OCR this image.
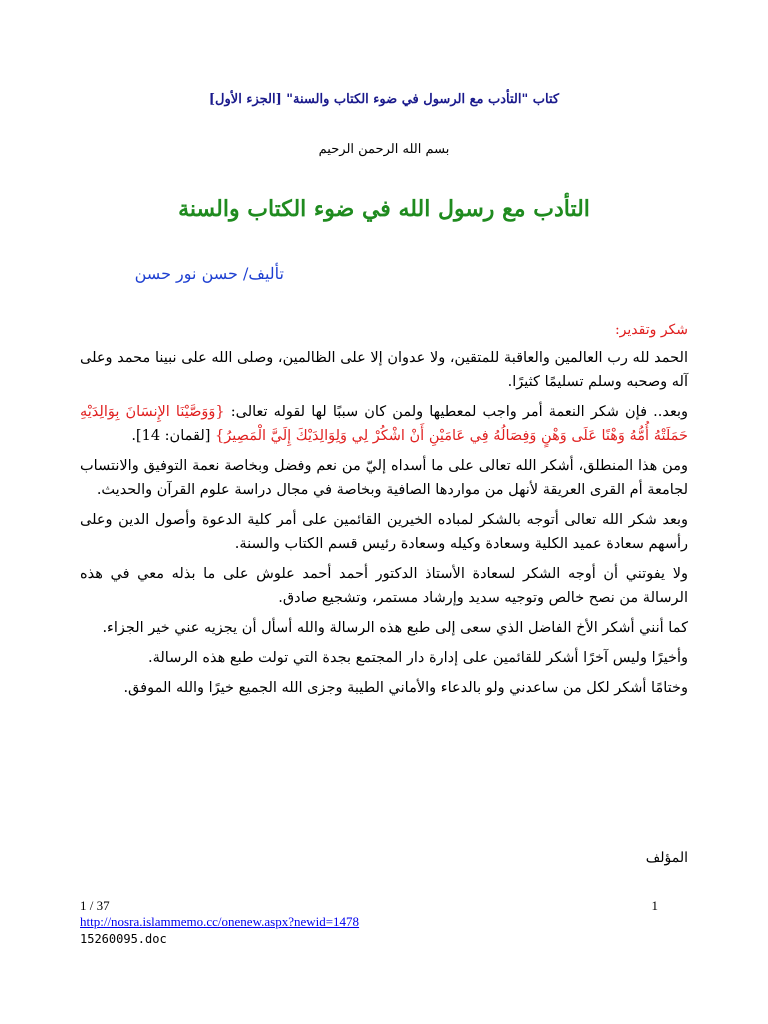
كتاب "التأدب مع الرسول في ضوء الكتاب والسنة" [الجزء الأول]
بسم الله الرحمن الرحيم
التأدب مع رسول الله في ضوء الكتاب والسنة
تأليف/ حسن نور حسن
شكر وتقدير:

الحمد لله رب العالمين والعاقبة للمتقين، ولا عدوان إلا على الظالمين، وصلى الله على نبينا محمد وعلى آله وصحبه وسلم تسليمًا كثيرًا.

وبعد.. فإن شكر النعمة أمر واجب لمعطيها ولمن كان سببًا لها لقوله تعالى: {وَوَصَّيْنَا الإِنسَانَ بِوَالِدَيْهِ حَمَلَتْهُ أُمُّهُ وَهْنًا عَلَى وَهْنٍ وَفِصَالُهُ فِي عَامَيْنِ أَنْ اشْكُرْ لِي وَلِوَالِدَيْكَ إِلَيَّ الْمَصِيرُ} [لقمان: 14].

ومن هذا المنطلق، أشكر الله تعالى على ما أسداه إليّ من نعم وفضل وبخاصة نعمة التوفيق والانتساب لجامعة أم القرى العريقة لأنهل من مواردها الصافية وبخاصة في مجال دراسة علوم القرآن والحديث.

وبعد شكر الله تعالى أتوجه بالشكر لمباده الخيرين القائمين على أمر كلية الدعوة وأصول الدين وعلى رأسهم سعادة عميد الكلية وسعادة وكيله وسعادة رئيس قسم الكتاب والسنة.

ولا يفوتني أن أوجه الشكر لسعادة الأستاذ الدكتور أحمد أحمد علوش على ما بذله معي في هذه الرسالة من نصح خالص وتوجيه سديد وإرشاد مستمر، وتشجيع صادق.

كما أنني أشكر الأخ الفاضل الذي سعى إلى طبع هذه الرسالة والله أسأل أن يجزيه عني خير الجزاء.

وأخيرًا وليس آخرًا أشكر للقائمين على إدارة دار المجتمع بجدة التي تولت طبع هذه الرسالة.

وختامًا أشكر لكل من ساعدني ولو بالدعاء والأماني الطيبة وجزى الله الجميع خيرًا والله الموفق.

المؤلف
1 / 37
http://nosra.islammemo.cc/onenew.aspx?newid=1478
15260095.doc
1
